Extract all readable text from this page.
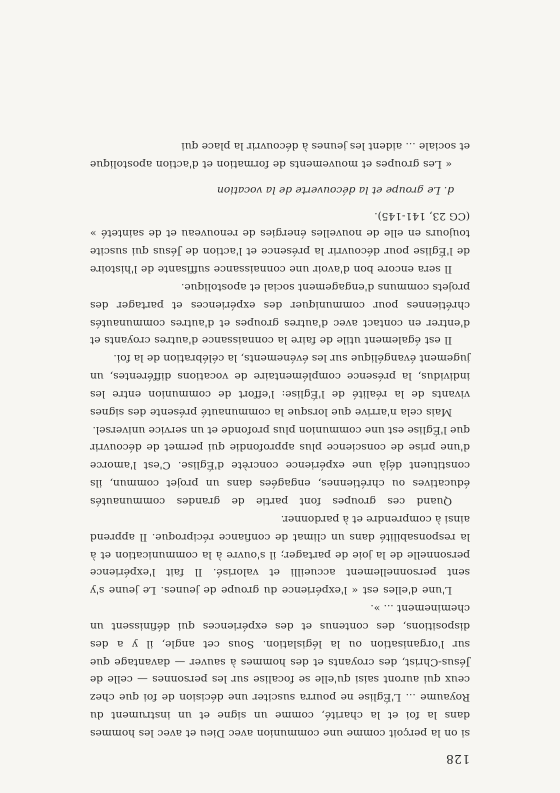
128

si on la perçoit comme une communion avec Dieu et avec les hommes dans la foi et la charité, comme un signe et un instrument du Royaume ... L'Église ne pourra susciter une décision de foi que chez ceux qui auront saisi qu'elle se focalise sur les personnes — celle de Jésus-Christ, des croyants et des hommes à sauver — davantage que sur l'organisation ou la législation. Sous cet angle, il y a des dispositions, des contenus et des expériences qui définissent un cheminement ... ».

L'une d'elles est « l'expérience du groupe de jeunes. Le jeune s'y sent personnellement accueilli et valorisé. Il fait l'expérience personnelle de la joie de partager; il s'ouvre à la communication et à la responsabilité dans un climat de confiance réciproque. Il apprend ainsi à comprendre et à pardonner.

Quand ces groupes font partie de grandes communautés éducatives ou chrétiennes, engagées dans un projet commun, ils constituent déjà une expérience concrète d'Église. C'est l'amorce d'une prise de conscience plus approfondie qui permet de découvrir que l'Église est une communion plus profonde et un service universel.

Mais cela n'arrive que lorsque la communauté présente des signes vivants de la réalité de l'Église: l'effort de communion entre les individus, la présence complémentaire de vocations différentes, un jugement évangélique sur les événements, la célébration de la foi.

Il est également utile de faire la connaissance d'autres croyants et d'entrer en contact avec d'autres groupes et d'autres communautés chrétiennes pour communiquer des expériences et partager des projets communs d'engagement social et apostolique.

Il sera encore bon d'avoir une connaissance suffisante de l'histoire de l'Église pour découvrir la présence et l'action de Jésus qui suscite toujours en elle de nouvelles énergies de renouveau et de sainteté » (CG 23, 141-145).

d. Le groupe et la découverte de la vocation

« Les groupes et mouvements de formation et d'action apostolique et sociale ... aident les jeunes à découvrir la place qui
